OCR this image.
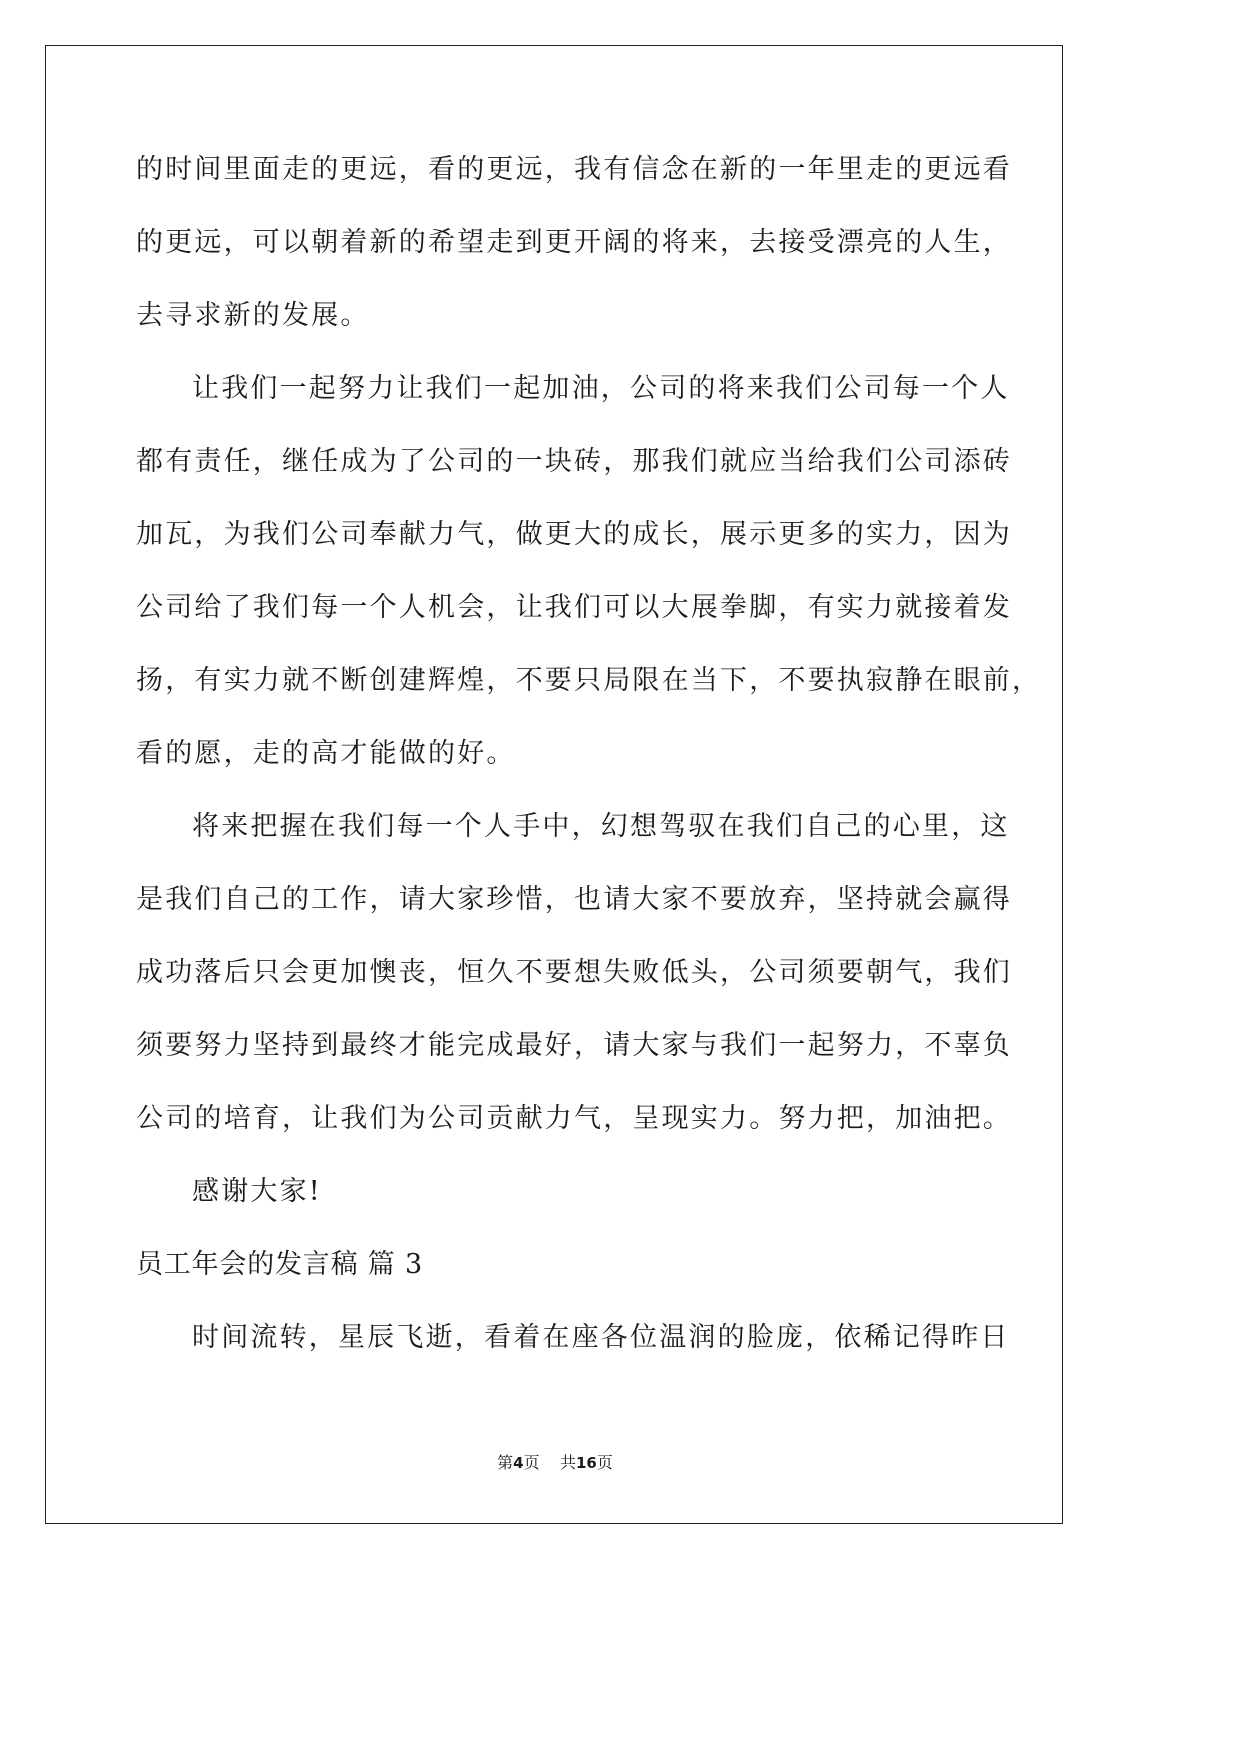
的时间里面走的更远，看的更远，我有信念在新的一年里走的更远看
的更远，可以朝着新的希望走到更开阔的将来，去接受漂亮的人生，
去寻求新的发展。
让我们一起努力让我们一起加油，公司的将来我们公司每一个人
都有责任，继任成为了公司的一块砖，那我们就应当给我们公司添砖
加瓦，为我们公司奉献力气，做更大的成长，展示更多的实力，因为
公司给了我们每一个人机会，让我们可以大展拳脚，有实力就接着发
扬，有实力就不断创建辉煌，不要只局限在当下，不要执寂静在眼前，
看的愿，走的高才能做的好。
将来把握在我们每一个人手中，幻想驾驭在我们自己的心里，这
是我们自己的工作，请大家珍惜，也请大家不要放弃，坚持就会赢得
成功落后只会更加懊丧，恒久不要想失败低头，公司须要朝气，我们
须要努力坚持到最终才能完成最好，请大家与我们一起努力，不辜负
公司的培育，让我们为公司贡献力气，呈现实力。努力把，加油把。
感谢大家!
员工年会的发言稿 篇 3
时间流转，星辰飞逝，看着在座各位温润的脸庞，依稀记得昨日
第4页 共16页
